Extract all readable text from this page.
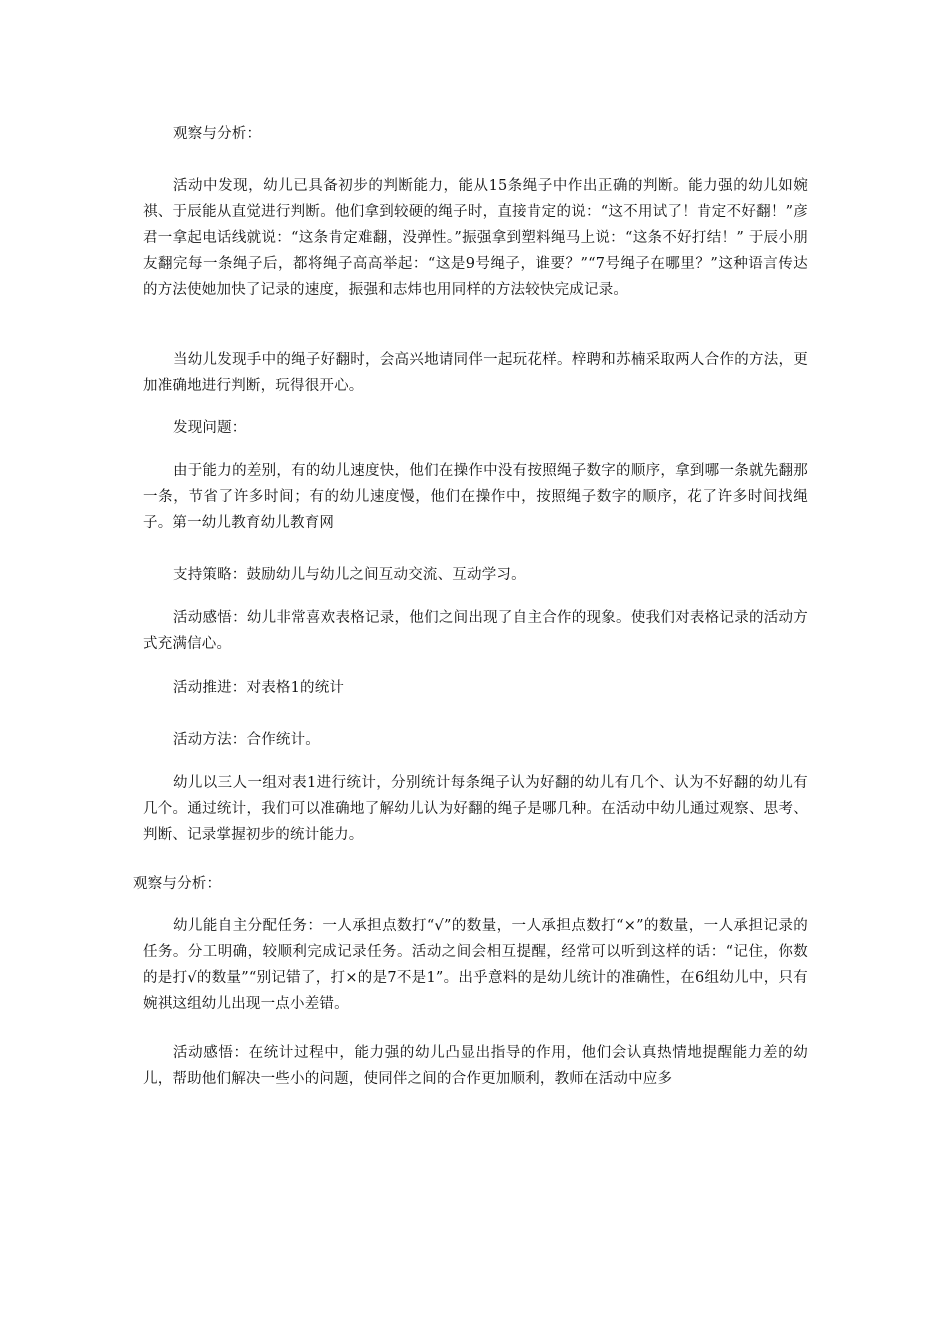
观察与分析：

活动中发现，幼儿已具备初步的判断能力，能从15条绳子中作出正确的判断。能力强的幼儿如婉祺、于辰能从直觉进行判断。他们拿到较硬的绳子时，直接肯定的说：“这不用试了！肯定不好翻！”彦君一拿起电话线就说：“这条肯定难翻，没弹性。”振强拿到塑料绳马上说：“这条不好打结！” 于辰小朋友翻完每一条绳子后，都将绳子高高举起：“这是9号绳子，谁要？”“7号绳子在哪里？”这种语言传达的方法使她加快了记录的速度，振强和志炜也用同样的方法较快完成记录。

当幼儿发现手中的绳子好翻时，会高兴地请同伴一起玩花样。梓聘和苏楠采取两人合作的方法，更加准确地进行判断，玩得很开心。

发现问题：

由于能力的差别，有的幼儿速度快，他们在操作中没有按照绳子数字的顺序，拿到哪一条就先翻那一条，节省了许多时间；有的幼儿速度慢，他们在操作中，按照绳子数字的顺序，花了许多时间找绳子。第一幼儿教育幼儿教育网

支持策略：鼓励幼儿与幼儿之间互动交流、互动学习。

活动感悟：幼儿非常喜欢表格记录，他们之间出现了自主合作的现象。使我们对表格记录的活动方式充满信心。

活动推进：对表格1的统计

活动方法：合作统计。

幼儿以三人一组对表1进行统计，分别统计每条绳子认为好翻的幼儿有几个、认为不好翻的幼儿有几个。通过统计，我们可以准确地了解幼儿认为好翻的绳子是哪几种。在活动中幼儿通过观察、思考、判断、记录掌握初步的统计能力。

观察与分析：

幼儿能自主分配任务：一人承担点数打“√”的数量，一人承担点数打“×”的数量，一人承担记录的任务。分工明确，较顺利完成记录任务。活动之间会相互提醒，经常可以听到这样的话：“记住，你数的是打√的数量”“别记错了，打×的是7不是1”。出乎意料的是幼儿统计的准确性，在6组幼儿中，只有婉祺这组幼儿出现一点小差错。

活动感悟：在统计过程中，能力强的幼儿凸显出指导的作用，他们会认真热情地提醒能力差的幼儿，帮助他们解决一些小的问题，使同伴之间的合作更加顺利，教师在活动中应多
